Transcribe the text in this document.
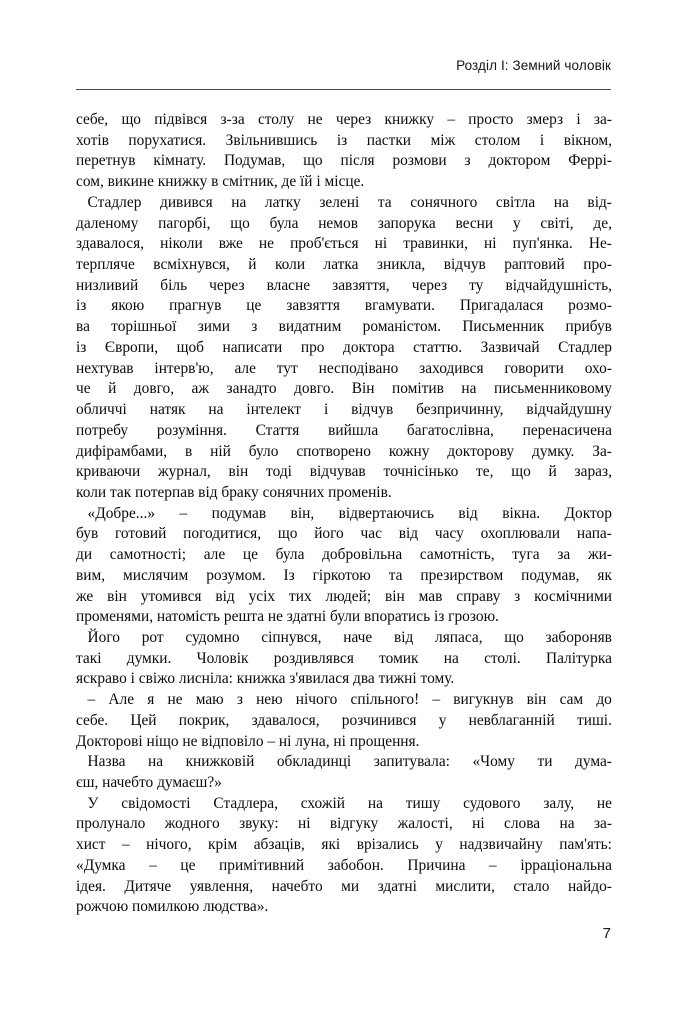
Розділ I: Земний чоловік

себе, що підвівся з-за столу не через книжку – просто змерз і за-
хотів порухатися. Звільнившись із пастки між столом і вікном,
перетнув кімнату. Подумав, що після розмови з доктором Феррі-
сом, викине книжку в смітник, де їй і місце.

Стадлер дивився на латку зелені та сонячного світла на від-
даленому пагорбі, що була немов запорука весни у світі, де,
здавалося, ніколи вже не проб'ється ні травинки, ні пуп'янка. Не-
терпляче всміхнувся, й коли латка зникла, відчув раптовий про-
низливий біль через власне завзяття, через ту відчайдушність,
із якою прагнув це завзяття вгамувати. Пригадалася розмо-
ва торішньої зими з видатним романістом. Письменник прибув
із Європи, щоб написати про доктора статтю. Зазвичай Стадлер
нехтував інтерв'ю, але тут несподівано заходився говорити охо-
че й довго, аж занадто довго. Він помітив на письменниковому
обличчі натяк на інтелект і відчув безпричинну, відчайдушну
потребу розуміння. Стаття вийшла багатослівна, перенасичена
дифірамбами, в ній було спотворено кожну докторову думку. За-
криваючи журнал, він тоді відчував точнісінько те, що й зараз,
коли так потерпав від браку сонячних променів.

«Добре...» – подумав він, відвертаючись від вікна. Доктор
був готовий погодитися, що його час від часу охоплювали напа-
ди самотності; але це була добровільна самотність, туга за жи-
вим, мислячим розумом. Із гіркотою та презирством подумав, як
же він утомився від усіх тих людей; він мав справу з космічними
променями, натомість решта не здатні були впоратись із грозою.

Його рот судомно сіпнувся, наче від ляпаса, що забороняв
такі думки. Чоловік роздивлявся томик на столі. Палітурка
яскраво і свіжо лисніла: книжка з'явилася два тижні тому.

– Але я не маю з нею нічого спільного! – вигукнув він сам до
себе. Цей покрик, здавалося, розчинився у невблаганній тиші.
Докторові ніщо не відповіло – ні луна, ні прощення.

Назва на книжковій обкладинці запитувала: «Чому ти дума-
єш, начебто думаєш?»

У свідомості Стадлера, схожій на тишу судового залу, не
пролунало жодного звуку: ні відгуку жалості, ні слова на за-
хист – нічого, крім абзаців, які врізались у надзвичайну пам'ять:
«Думка – це примітивний забобон. Причина – ірраціональна
ідея. Дитяче уявлення, начебто ми здатні мислити, стало найдо-
рожчою помилкою людства».

7
